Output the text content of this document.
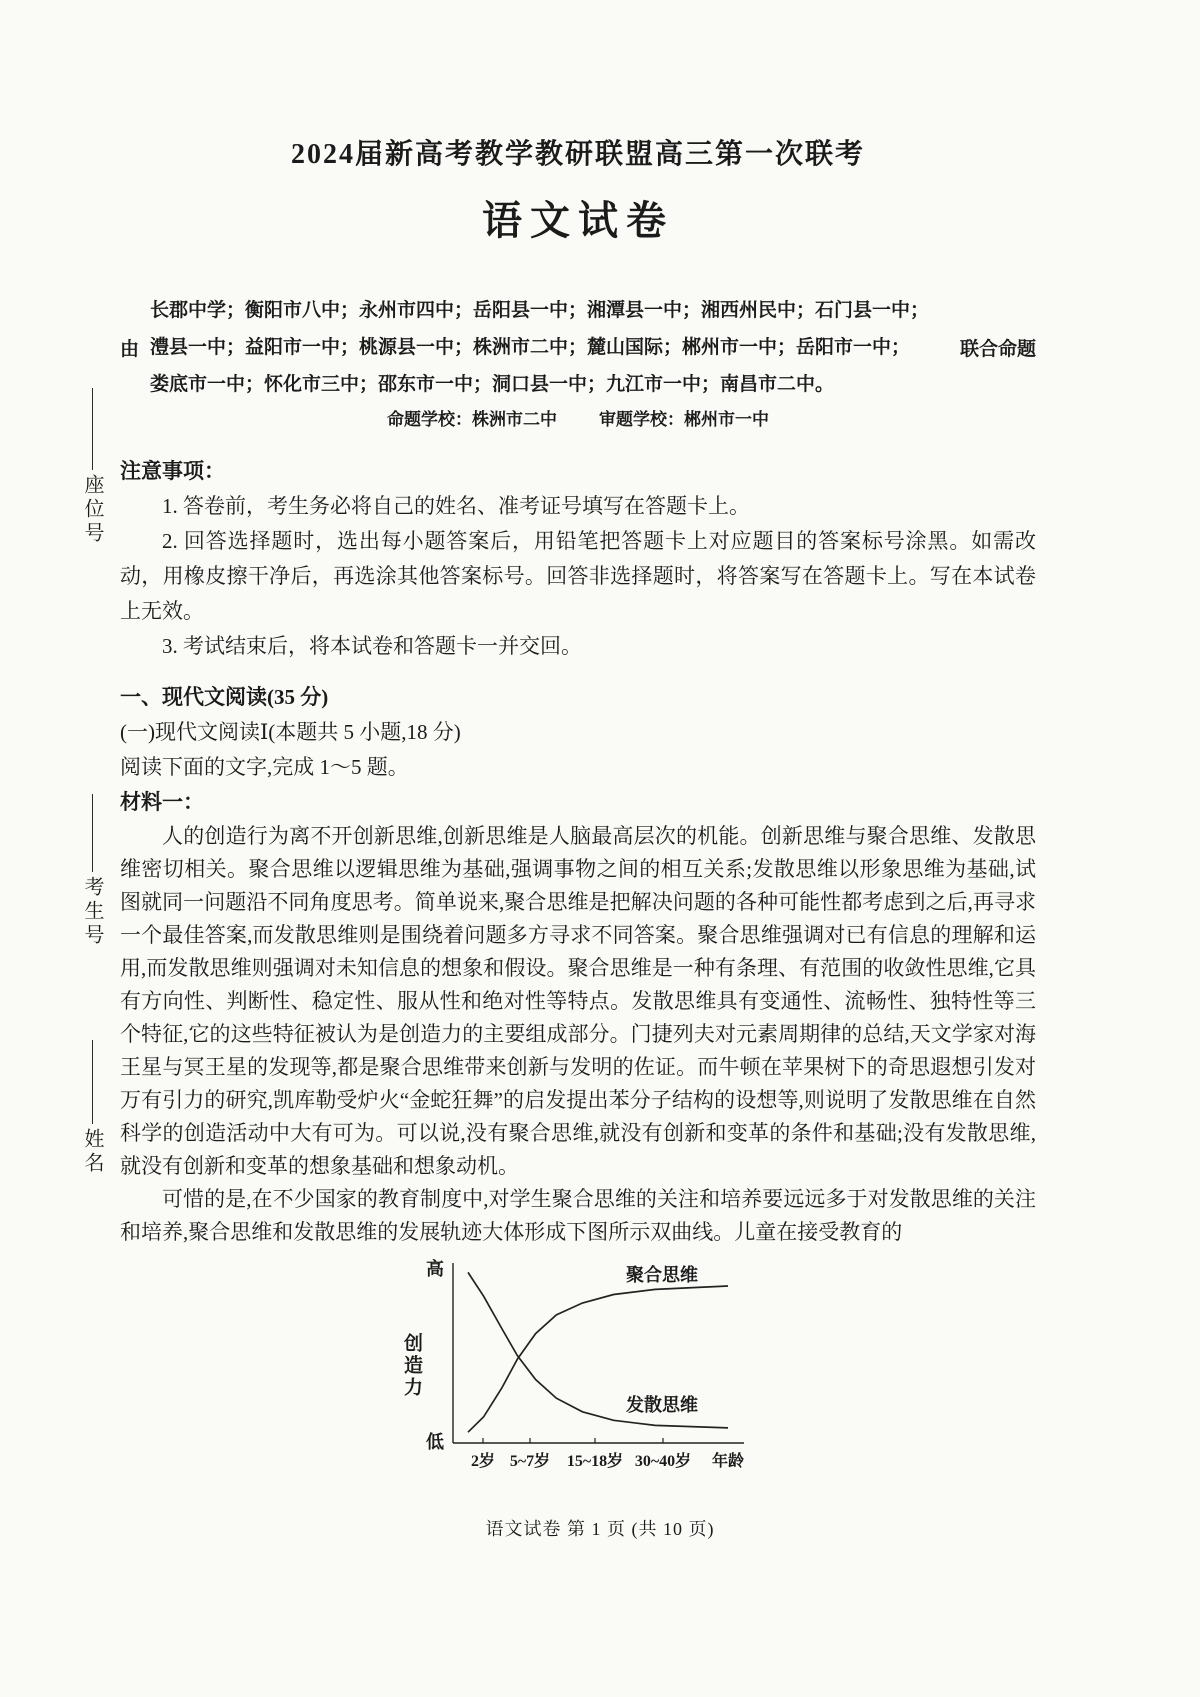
座位号
考生号
姓名
2024届新高考教学教研联盟高三第一次联考
语文试卷
由
长郡中学；衡阳市八中；永州市四中；岳阳县一中；湘潭县一中；湘西州民中；石门县一中；
澧县一中；益阳市一中；桃源县一中；株洲市二中；麓山国际；郴州市一中；岳阳市一中；
娄底市一中；怀化市三中；邵东市一中；洞口县一中；九江市一中；南昌市二中。
联合命题
命题学校：株洲市二中 审题学校：郴州市一中
注意事项：

1. 答卷前，考生务必将自己的姓名、准考证号填写在答题卡上。

2. 回答选择题时，选出每小题答案后，用铅笔把答题卡上对应题目的答案标号涂黑。如需改动，用橡皮擦干净后，再选涂其他答案标号。回答非选择题时，将答案写在答题卡上。写在本试卷上无效。

3. 考试结束后，将本试卷和答题卡一并交回。

一、现代文阅读(35 分)
(一)现代文阅读Ⅰ(本题共 5 小题,18 分)
阅读下面的文字,完成 1～5 题。
材料一：

人的创造行为离不开创新思维,创新思维是人脑最高层次的机能。创新思维与聚合思维、发散思维密切相关。聚合思维以逻辑思维为基础,强调事物之间的相互关系;发散思维以形象思维为基础,试图就同一问题沿不同角度思考。简单说来,聚合思维是把解决问题的各种可能性都考虑到之后,再寻求一个最佳答案,而发散思维则是围绕着问题多方寻求不同答案。聚合思维强调对已有信息的理解和运用,而发散思维则强调对未知信息的想象和假设。聚合思维是一种有条理、有范围的收敛性思维,它具有方向性、判断性、稳定性、服从性和绝对性等特点。发散思维具有变通性、流畅性、独特性等三个特征,它的这些特征被认为是创造力的主要组成部分。门捷列夫对元素周期律的总结,天文学家对海王星与冥王星的发现等,都是聚合思维带来创新与发明的佐证。而牛顿在苹果树下的奇思遐想引发对万有引力的研究,凯库勒受炉火“金蛇狂舞”的启发提出苯分子结构的设想等,则说明了发散思维在自然科学的创造活动中大有可为。可以说,没有聚合思维,就没有创新和变革的条件和基础;没有发散思维,就没有创新和变革的想象基础和想象动机。

可惜的是,在不少国家的教育制度中,对学生聚合思维的关注和培养要远远多于对发散思维的关注和培养,聚合思维和发散思维的发展轨迹大体形成下图所示双曲线。儿童在接受教育的

创造力
高
低
聚合思维
发散思维
2岁 5~7岁 15~18岁 30~40岁 年龄
语文试卷 第 1 页 (共 10 页)
